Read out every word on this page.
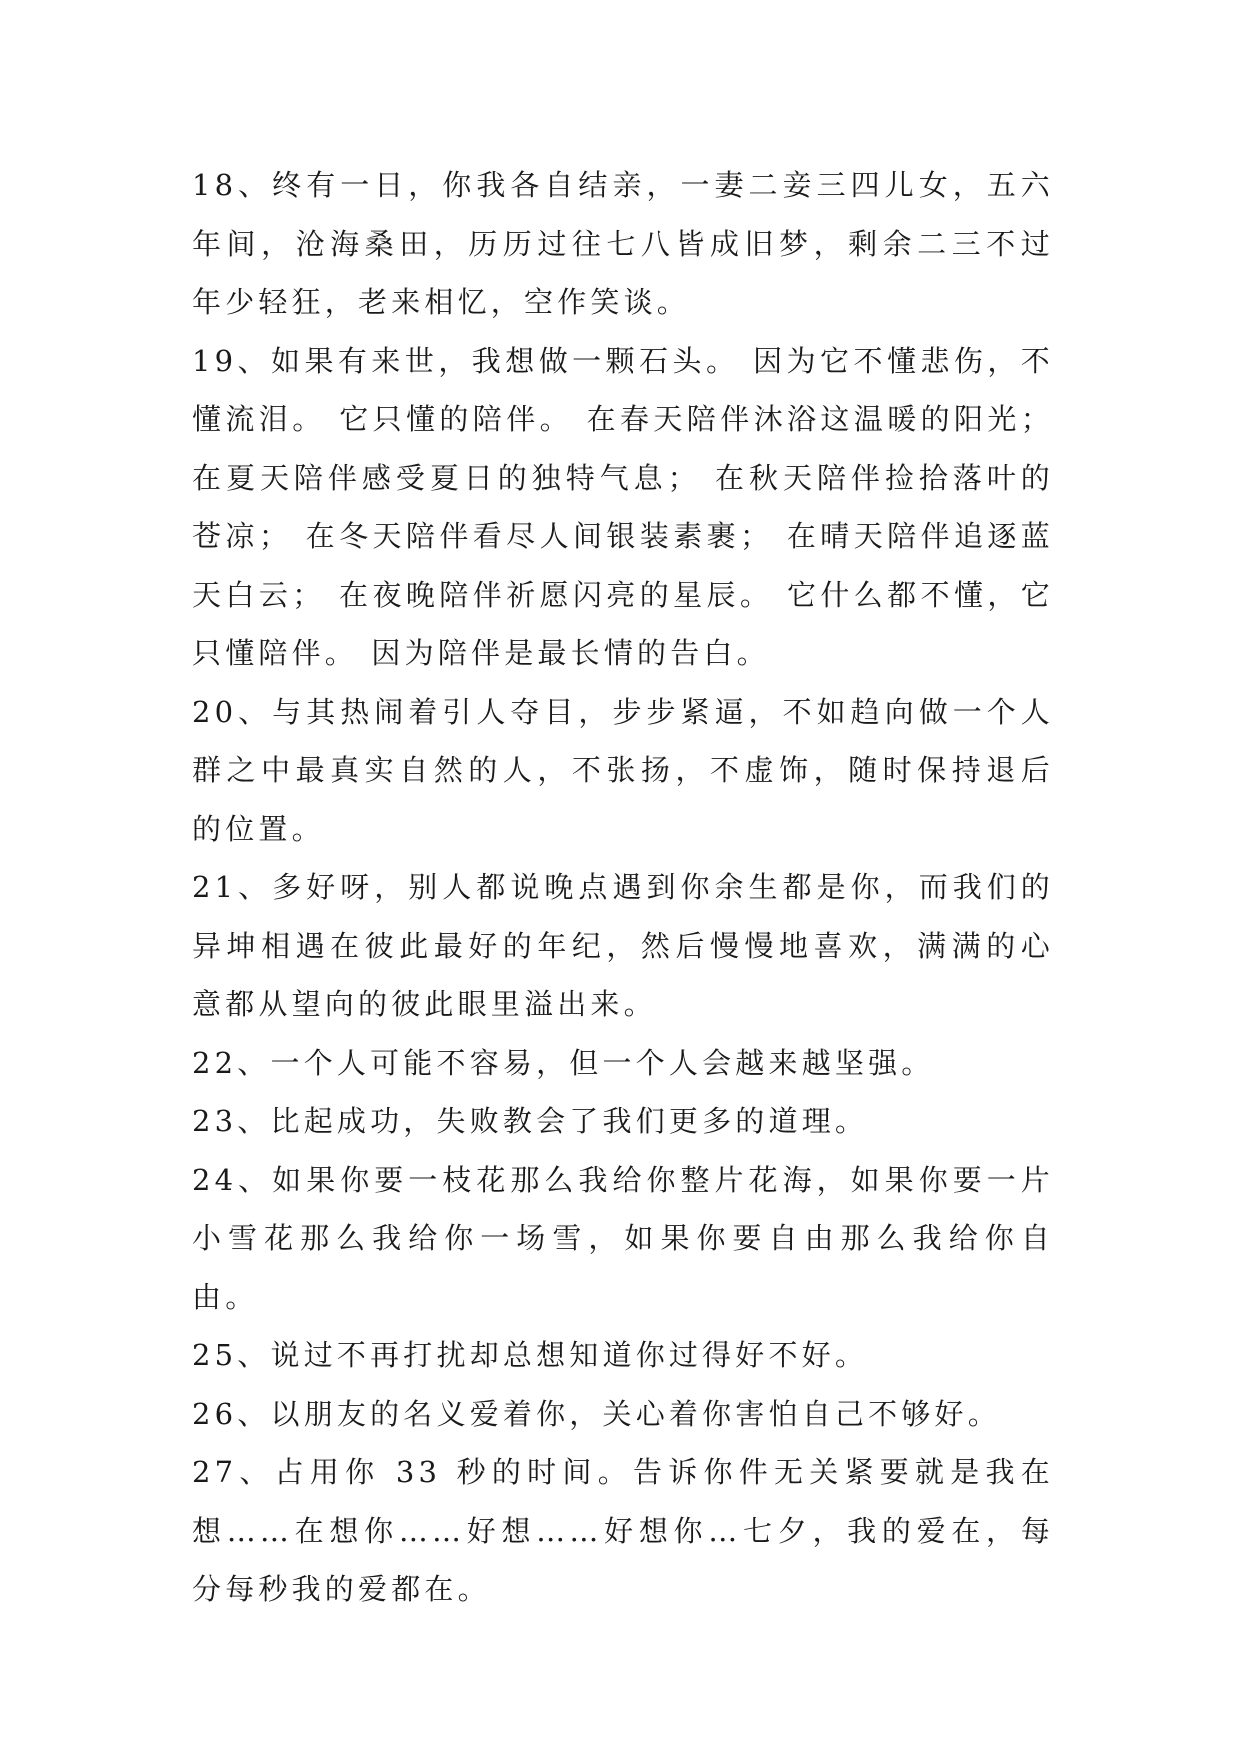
18、终有一日，你我各自结亲，一妻二妾三四儿女，五六年间，沧海桑田，历历过往七八皆成旧梦，剩余二三不过年少轻狂，老来相忆，空作笑谈。

19、如果有来世，我想做一颗石头。 因为它不懂悲伤，不懂流泪。 它只懂的陪伴。 在春天陪伴沐浴这温暖的阳光；在夏天陪伴感受夏日的独特气息； 在秋天陪伴捡拾落叶的苍凉； 在冬天陪伴看尽人间银装素裹； 在晴天陪伴追逐蓝天白云； 在夜晚陪伴祈愿闪亮的星辰。 它什么都不懂，它只懂陪伴。 因为陪伴是最长情的告白。

20、与其热闹着引人夺目，步步紧逼，不如趋向做一个人群之中最真实自然的人，不张扬，不虚饰，随时保持退后的位置。

21、多好呀，别人都说晚点遇到你余生都是你，而我们的异坤相遇在彼此最好的年纪，然后慢慢地喜欢，满满的心意都从望向的彼此眼里溢出来。

22、一个人可能不容易，但一个人会越来越坚强。

23、比起成功，失败教会了我们更多的道理。

24、如果你要一枝花那么我给你整片花海，如果你要一片小雪花那么我给你一场雪，如果你要自由那么我给你自由。

25、说过不再打扰却总想知道你过得好不好。

26、以朋友的名义爱着你，关心着你害怕自己不够好。

27、占用你 33 秒的时间。告诉你件无关紧要就是我在想……在想你……好想……好想你…七夕，我的爱在，每分每秒我的爱都在。
